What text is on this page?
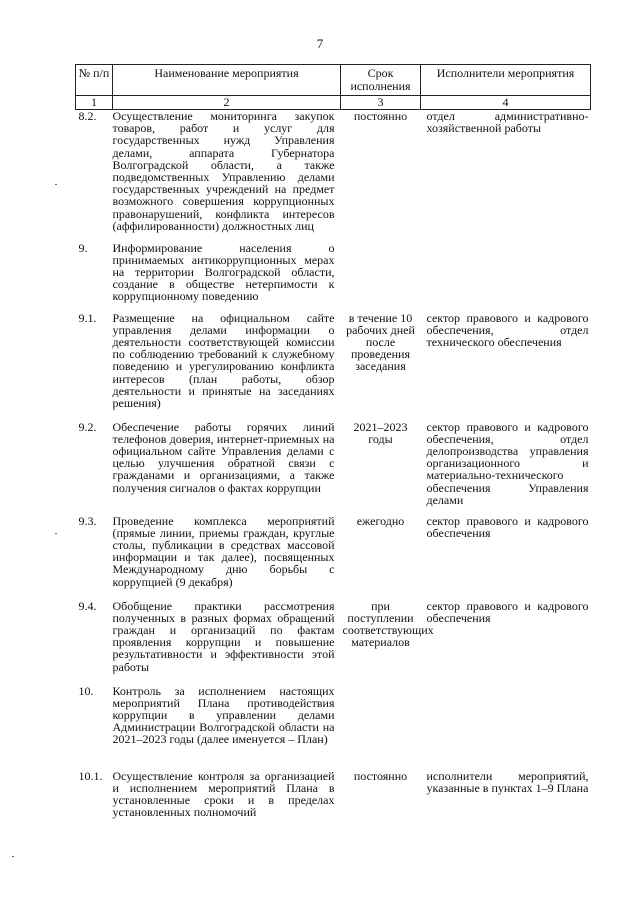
7
№ п/п	Наименование мероприятия	Срок исполнения	Исполнители мероприятия
1	2	3	4
8.2.	Осуществление мониторинга закупок товаров, работ и услуг для государственных нужд Управления делами, аппарата Губернатора Волгоградской области, а также подведомственных Управлению делами государственных учреждений на предмет возможного совершения коррупционных правонарушений, конфликта интересов (аффилированности) должностных лиц	постоянно	отдел административно-хозяйственной работы
9.	Информирование населения о принимаемых антикоррупционных мерах на территории Волгоградской области, создание в обществе нетерпимости к коррупционному поведению		
9.1.	Размещение на официальном сайте управления делами информации о деятельности соответствующей комиссии по соблюдению требований к служебному поведению и урегулированию конфликта интересов (план работы, обзор деятельности и принятые на заседаниях решения)	в течение 10 рабочих дней после проведения заседания	сектор правового и кадрового обеспечения, отдел технического обеспечения
9.2.	Обеспечение работы горячих линий телефонов доверия, интернет-приемных на официальном сайте Управления делами с целью улучшения обратной связи с гражданами и организациями, а также получения сигналов о фактах коррупции	2021–2023 годы	сектор правового и кадрового обеспечения, отдел делопроизводства управления организационного и материально-технического обеспечения Управления делами
9.3.	Проведение комплекса мероприятий (прямые линии, приемы граждан, круглые столы, публикации в средствах массовой информации и так далее), посвященных Международному дню борьбы с коррупцией (9 декабря)	ежегодно	сектор правового и кадрового обеспечения
9.4.	Обобщение практики рассмотрения полученных в разных формах обращений граждан и организаций по фактам проявления коррупции и повышение результативности и эффективности этой работы	при поступлении соответствующих материалов	сектор правового и кадрового обеспечения
10.	Контроль за исполнением настоящих мероприятий Плана противодействия коррупции в управлении делами Администрации Волгоградской области на 2021–2023 годы (далее именуется – План)		
10.1.	Осуществление контроля за организацией и исполнением мероприятий Плана в установленные сроки и в пределах установленных полномочий	постоянно	исполнители мероприятий, указанные в пунктах 1–9 Плана
